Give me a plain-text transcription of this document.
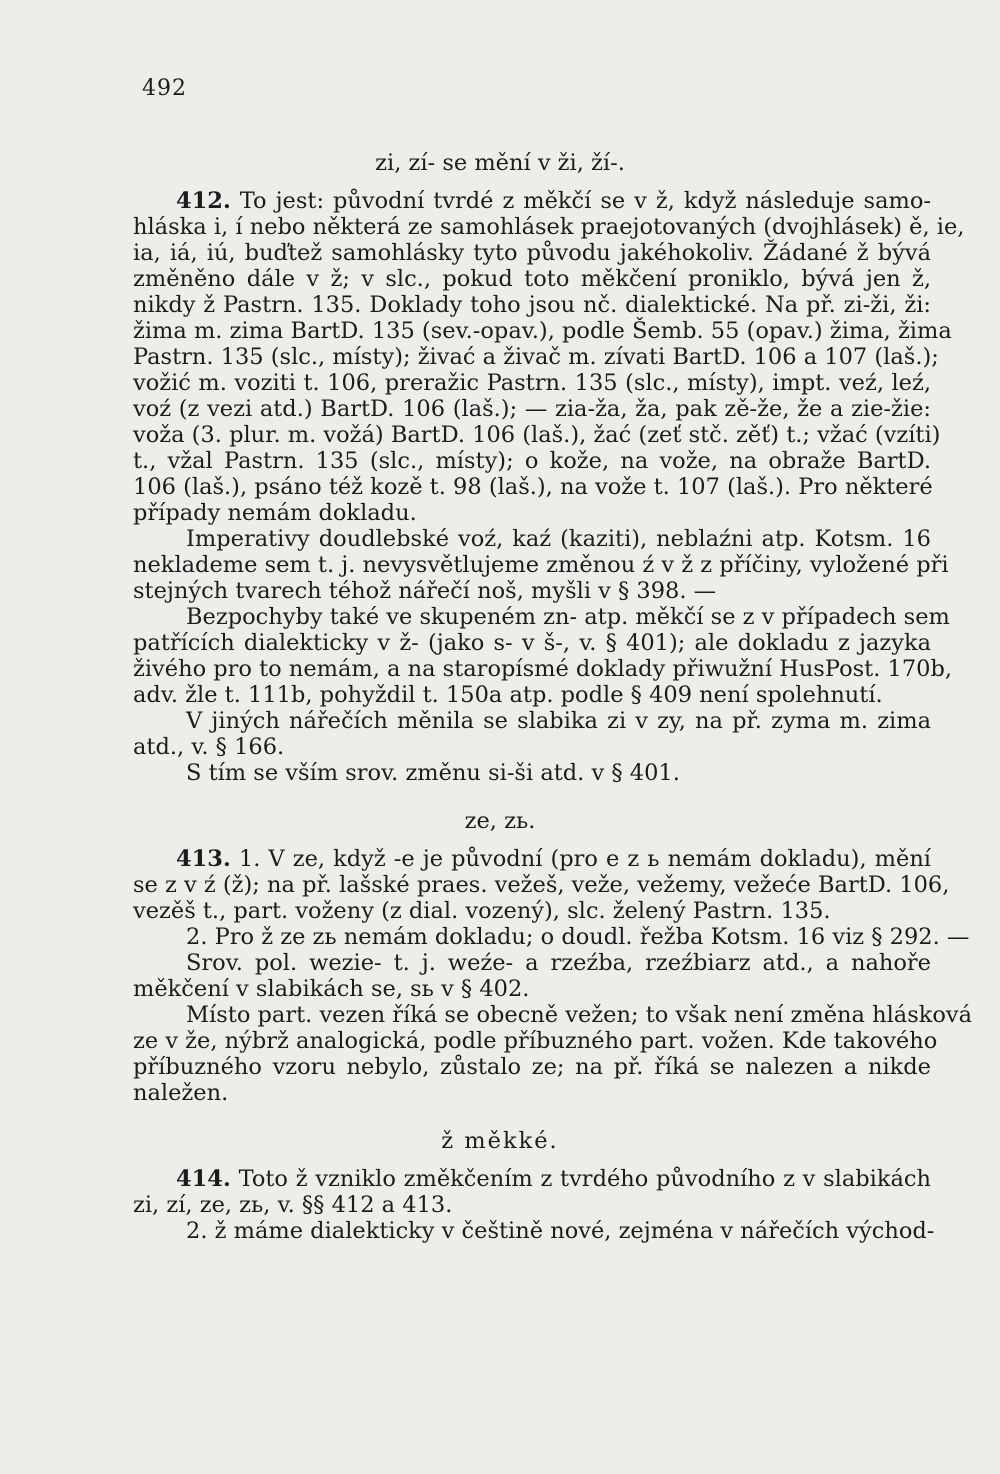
492
zi, zí- se mění v ži, ží-.
412. To jest: původní tvrdé z měkčí se v ž, když následuje samo-
hláska i, í nebo některá ze samohlásek praejotovaných (dvojhlásek) ě, ie,
ia, iá, iú, buďtež samohlásky tyto původu jakéhokoliv. Žádané ž bývá
změněno dále v ž; v slc., pokud toto měkčení proniklo, bývá jen ž,
nikdy ž Pastrn. 135. Doklady toho jsou nč. dialektické. Na př. zi-ži, ži:
žima m. zima BartD. 135 (sev.-opav.), podle Šemb. 55 (opav.) žima, žima
Pastrn. 135 (slc., místy); živać a živač m. zívati BartD. 106 a 107 (laš.);
vožić m. voziti t. 106, preražic Pastrn. 135 (slc., místy), impt. veź, leź,
voź (z vezi atd.) BartD. 106 (laš.); — zia-ža, ža, pak zě-že, že a zie-žie:
voža (3. plur. m. vožá) BartD. 106 (laš.), žać (zeť stč. zěť) t.; vžać (vzíti)
t., vžal Pastrn. 135 (slc., místy); o kože, na vože, na obraže BartD.
106 (laš.), psáno též kozě t. 98 (laš.), na vože t. 107 (laš.). Pro některé
případy nemám dokladu.
Imperativy doudlebské voź, kaź (kaziti), neblaźni atp. Kotsm. 16
neklademe sem t. j. nevysvětlujeme změnou ź v ž z příčiny, vyložené při
stejných tvarech téhož nářečí noš, myšli v § 398. —
Bezpochyby také ve skupeném zn- atp. měkčí se z v případech sem
patřících dialekticky v ž- (jako s- v š-, v. § 401); ale dokladu z jazyka
živého pro to nemám, a na staropísmé doklady přiwužní HusPost. 170b,
adv. žle t. 111b, pohyždil t. 150a atp. podle § 409 není spolehnutí.
V jiných nářečích měnila se slabika zi v zy, na př. zyma m. zima
atd., v. § 166.
S tím se vším srov. změnu si-ši atd. v § 401.
ze, zь.
413. 1. V ze, když -e je původní (pro e z ь nemám dokladu), mění
se z v ź (ž); na př. lašské praes. vežeš, veže, vežemy, vežeće BartD. 106,
vezěš t., part. voženy (z dial. vozený), slc. želený Pastrn. 135.
2. Pro ž ze zь nemám dokladu; o doudl. řežba Kotsm. 16 viz § 292. —
Srov. pol. wezie- t. j. weźe- a rzeźba, rzeźbiarz atd., a nahoře
měkčení v slabikách se, sь v § 402.
Místo part. vezen říká se obecně vežen; to však není změna hlásková
ze v že, nýbrž analogická, podle příbuzného part. vožen. Kde takového
příbuzného vzoru nebylo, zůstalo ze; na př. říká se nalezen a nikde
naležen.
ž měkké.
414. Toto ž vzniklo změkčením z tvrdého původního z v slabikách
zi, zí, ze, zь, v. §§ 412 a 413.
2. ž máme dialekticky v češtině nové, zejména v nářečích východ-
